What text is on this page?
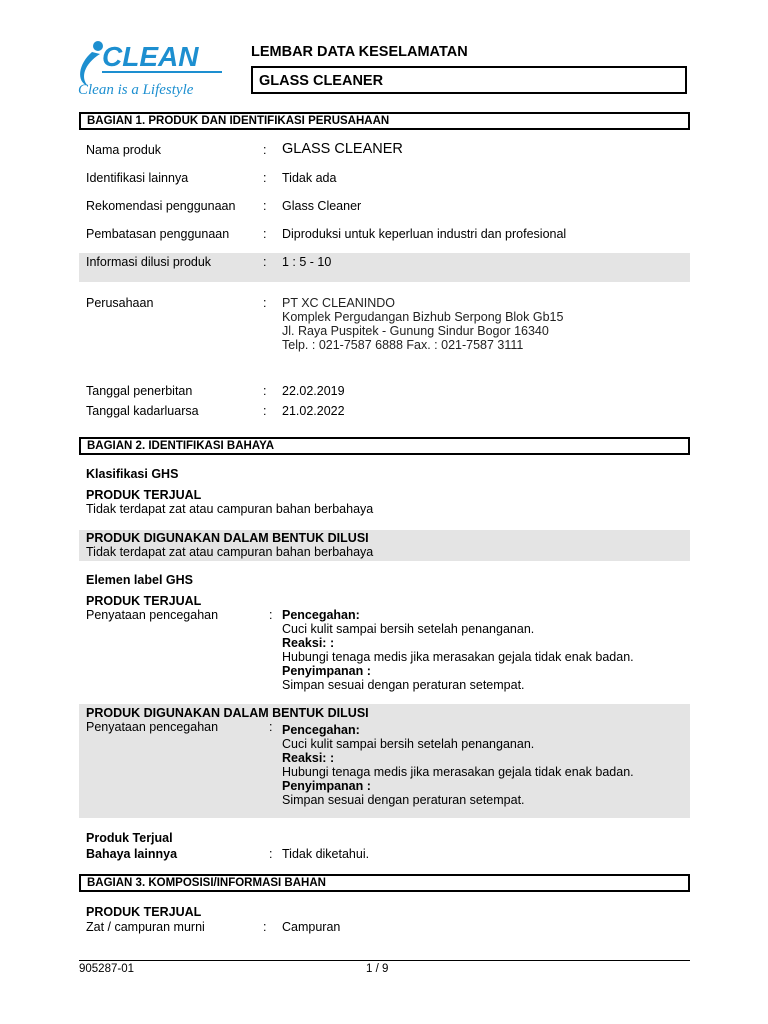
CLEAN
Clean is a Lifestyle
LEMBAR DATA KESELAMATAN
GLASS CLEANER
BAGIAN 1. PRODUK DAN IDENTIFIKASI PERUSAHAAN
Nama produk	: GLASS CLEANER
Identifikasi lainnya	: Tidak ada
Rekomendasi penggunaan : Glass Cleaner
Pembatasan penggunaan	: Diproduksi untuk keperluan industri dan profesional
Informasi dilusi produk	: 1 : 5 - 10
Perusahaan	: PT XC CLEANINDO
Komplek Pergudangan Bizhub Serpong Blok Gb15
Jl. Raya Puspitek - Gunung Sindur Bogor 16340
Telp. : 021-7587 6888 Fax. : 021-7587 3111
Tanggal penerbitan	: 22.02.2019
Tanggal kadarluarsa	: 21.02.2022
BAGIAN 2. IDENTIFIKASI BAHAYA
Klasifikasi GHS
PRODUK TERJUAL
Tidak terdapat zat atau campuran bahan berbahaya
PRODUK DIGUNAKAN DALAM BENTUK DILUSI
Tidak terdapat zat atau campuran bahan berbahaya
Elemen label GHS
PRODUK TERJUAL
Penyataan pencegahan	: Pencegahan:
Cuci kulit sampai bersih setelah penanganan.
Reaksi: :
Hubungi tenaga medis jika merasakan gejala tidak enak badan.
Penyimpanan :
Simpan sesuai dengan peraturan setempat.
PRODUK DIGUNAKAN DALAM BENTUK DILUSI
Penyataan pencegahan	: Pencegahan:
Cuci kulit sampai bersih setelah penanganan.
Reaksi: :
Hubungi tenaga medis jika merasakan gejala tidak enak badan.
Penyimpanan :
Simpan sesuai dengan peraturan setempat.
Produk Terjual
Bahaya lainnya	: Tidak diketahui.
BAGIAN 3. KOMPOSISI/INFORMASI BAHAN
PRODUK TERJUAL
Zat / campuran murni	: Campuran
905287-01	1 / 9
